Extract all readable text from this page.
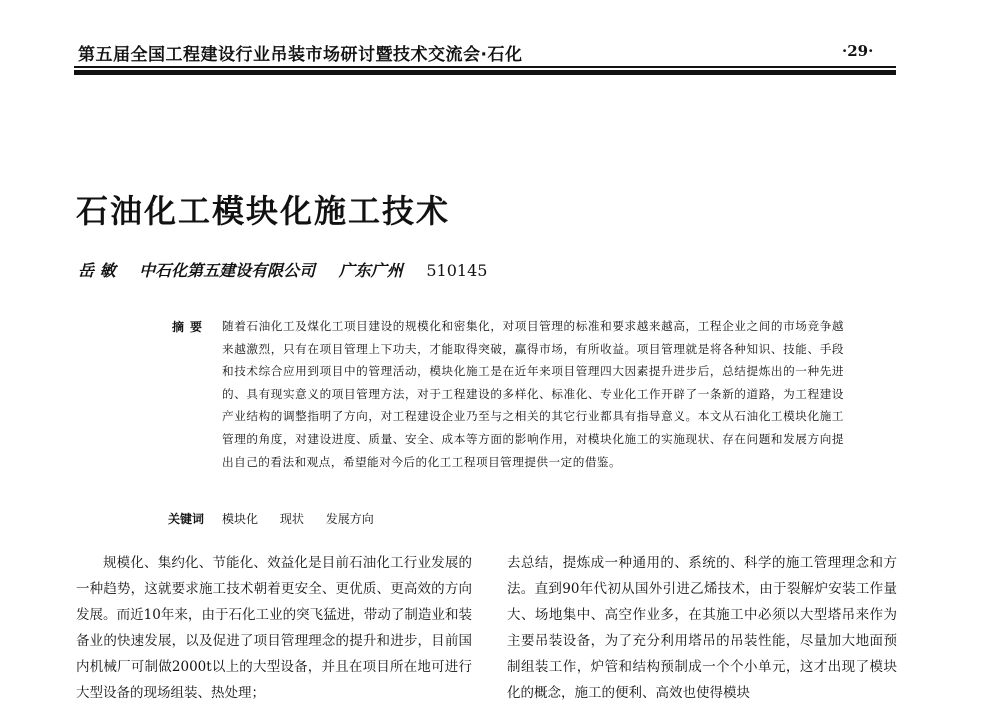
第五届全国工程建设行业吊装市场研讨暨技术交流会·石化	·29·
石油化工模块化施工技术
岳 敏 中石化第五建设有限公司 广东广州 510145
摘要 随着石油化工及煤化工项目建设的规模化和密集化，对项目管理的标准和要求越来越高，工程企业之间的市场竞争越来越激烈，只有在项目管理上下功夫，才能取得突破，赢得市场，有所收益。项目管理就是将各种知识、技能、手段和技术综合应用到项目中的管理活动，模块化施工是在近年来项目管理四大因素提升进步后，总结提炼出的一种先进的、具有现实意义的项目管理方法，对于工程建设的多样化、标准化、专业化工作开辟了一条新的道路，为工程建设产业结构的调整指明了方向，对工程建设企业乃至与之相关的其它行业都具有指导意义。本文从石油化工模块化施工管理的角度，对建设进度、质量、安全、成本等方面的影响作用，对模块化施工的实施现状、存在问题和发展方向提出自己的看法和观点，希望能对今后的化工工程项目管理提供一定的借鉴。
关键词 模块化 现状 发展方向
规模化、集约化、节能化、效益化是目前石油化工行业发展的一种趋势，这就要求施工技术朝着更安全、更优质、更高效的方向发展。而近10年来，由于石化工业的突飞猛进，带动了制造业和装备业的快速发展，以及促进了项目管理理念的提升和进步，目前国内机械厂可制做2000t以上的大型设备，并且在项目所在地可进行大型设备的现场组装、热处理；
去总结，提炼成一种通用的、系统的、科学的施工管理理念和方法。直到90年代初从国外引进乙烯技术，由于裂解炉安装工作量大、场地集中、高空作业多，在其施工中必须以大型塔吊来作为主要吊装设备，为了充分利用塔吊的吊装性能，尽量加大地面预制组装工作，炉管和结构预制成一个个小单元，这才出现了模块化的概念，施工的便利、高效也使得模块
